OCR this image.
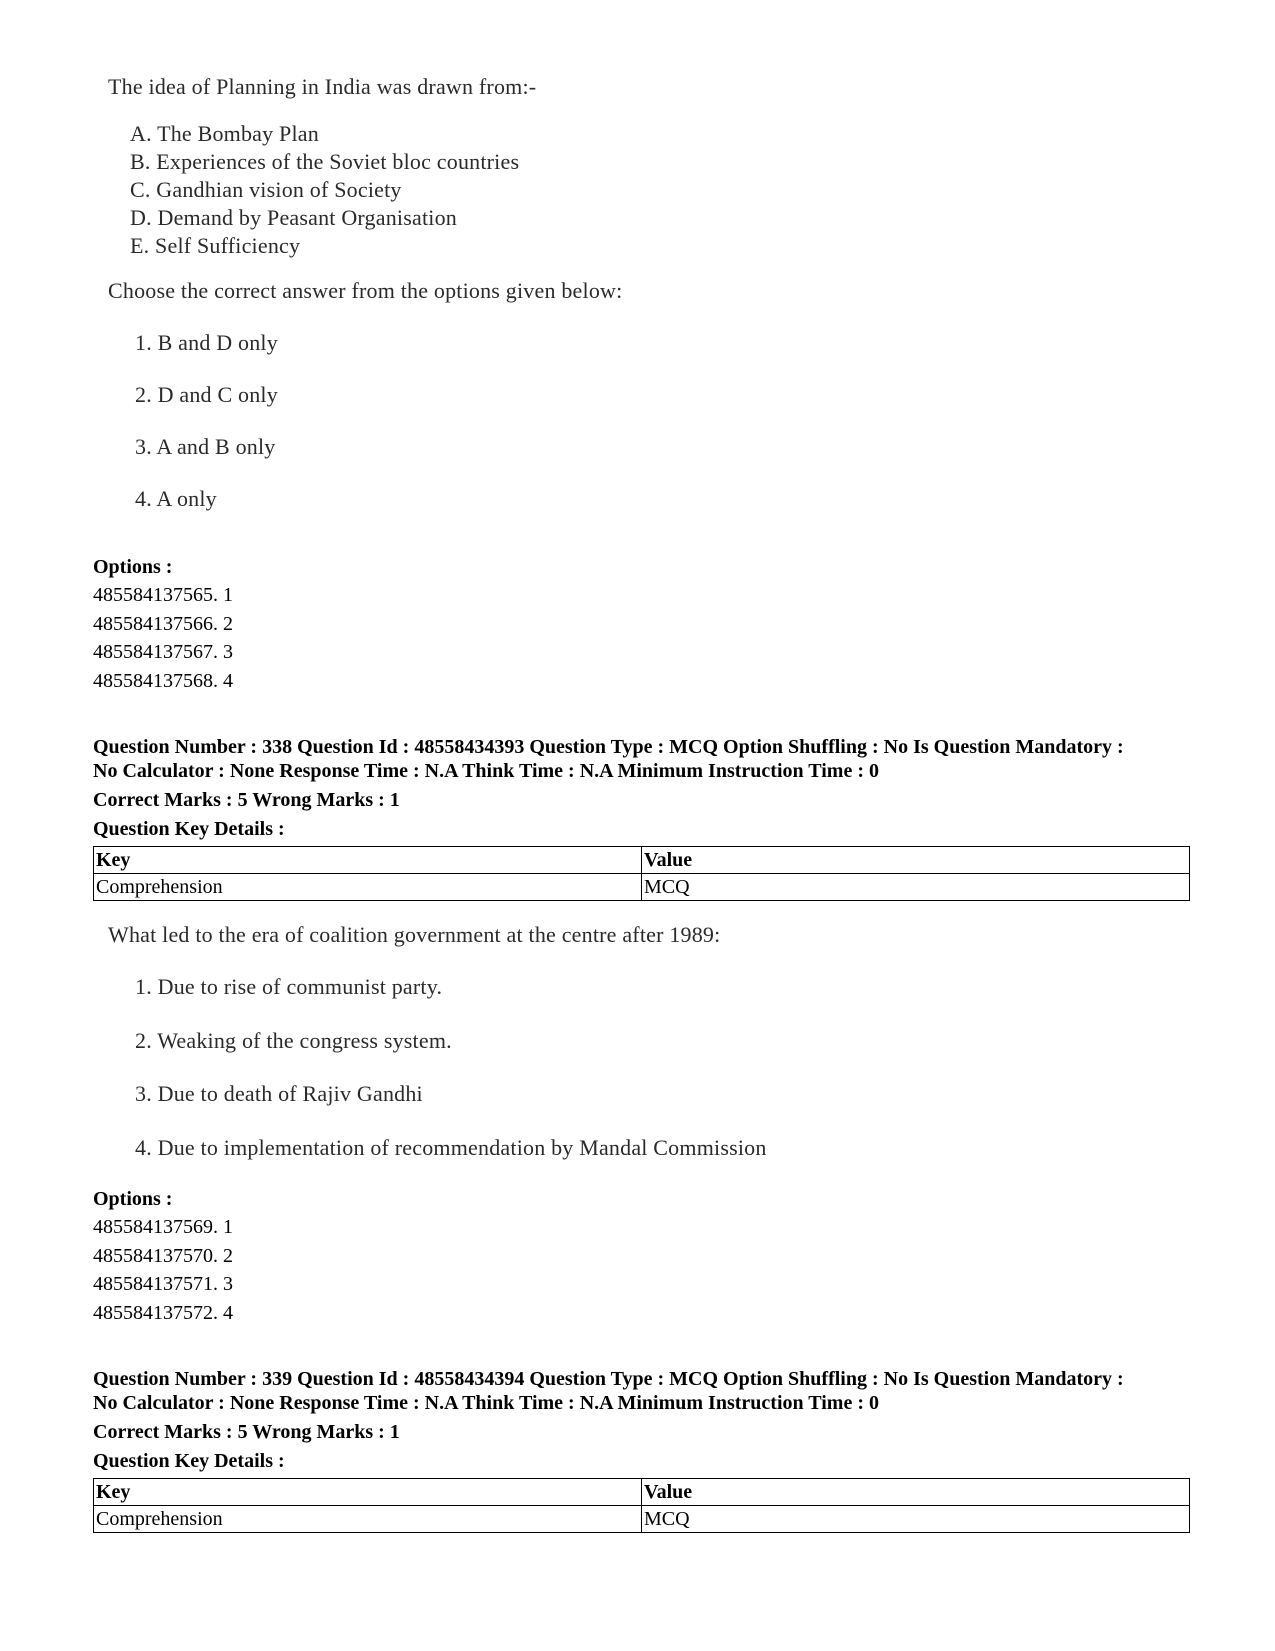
The idea of Planning in India was drawn from:-
A. The Bombay Plan
B. Experiences of the Soviet bloc countries
C. Gandhian vision of Society
D. Demand by Peasant Organisation
E. Self Sufficiency
Choose the correct answer from the options given below:
1. B and D only
2. D and C only
3. A and B only
4. A only
Options :
485584137565. 1
485584137566. 2
485584137567. 3
485584137568. 4
Question Number : 338 Question Id : 48558434393 Question Type : MCQ Option Shuffling : No Is Question Mandatory :
No Calculator : None Response Time : N.A Think Time : N.A Minimum Instruction Time : 0
Correct Marks : 5 Wrong Marks : 1
Question Key Details :
Key	Value
Comprehension	MCQ
What led to the era of coalition government at the centre after 1989:
1. Due to rise of communist party.
2. Weaking of the congress system.
3. Due to death of Rajiv Gandhi
4. Due to implementation of recommendation by Mandal Commission
Options :
485584137569. 1
485584137570. 2
485584137571. 3
485584137572. 4
Question Number : 339 Question Id : 48558434394 Question Type : MCQ Option Shuffling : No Is Question Mandatory :
No Calculator : None Response Time : N.A Think Time : N.A Minimum Instruction Time : 0
Correct Marks : 5 Wrong Marks : 1
Question Key Details :
Key	Value
Comprehension	MCQ
